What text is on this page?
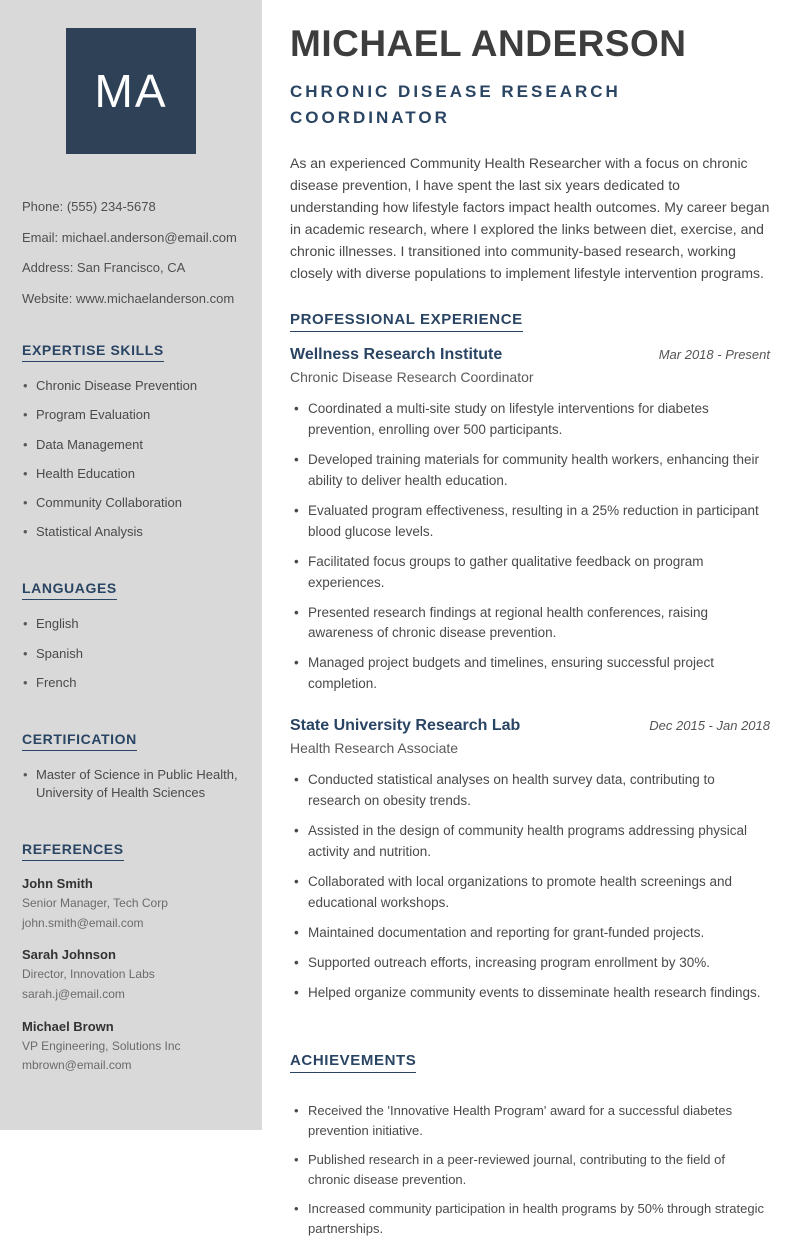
MA
Phone: (555) 234-5678
Email: michael.anderson@email.com
Address: San Francisco, CA
Website: www.michaelanderson.com
EXPERTISE SKILLS
• Chronic Disease Prevention
• Program Evaluation
• Data Management
• Health Education
• Community Collaboration
• Statistical Analysis
LANGUAGES
• English
• Spanish
• French
CERTIFICATION
• Master of Science in Public Health, University of Health Sciences
REFERENCES
John Smith
Senior Manager, Tech Corp
john.smith@email.com
Sarah Johnson
Director, Innovation Labs
sarah.j@email.com
Michael Brown
VP Engineering, Solutions Inc
mbrown@email.com
MICHAEL ANDERSON
CHRONIC DISEASE RESEARCH COORDINATOR

As an experienced Community Health Researcher with a focus on chronic disease prevention, I have spent the last six years dedicated to understanding how lifestyle factors impact health outcomes. My career began in academic research, where I explored the links between diet, exercise, and chronic illnesses. I transitioned into community-based research, working closely with diverse populations to implement lifestyle intervention programs.

PROFESSIONAL EXPERIENCE
Wellness Research Institute	Mar 2018 - Present
Chronic Disease Research Coordinator
• Coordinated a multi-site study on lifestyle interventions for diabetes prevention, enrolling over 500 participants.
• Developed training materials for community health workers, enhancing their ability to deliver health education.
• Evaluated program effectiveness, resulting in a 25% reduction in participant blood glucose levels.
• Facilitated focus groups to gather qualitative feedback on program experiences.
• Presented research findings at regional health conferences, raising awareness of chronic disease prevention.
• Managed project budgets and timelines, ensuring successful project completion.
State University Research Lab	Dec 2015 - Jan 2018
Health Research Associate
• Conducted statistical analyses on health survey data, contributing to research on obesity trends.
• Assisted in the design of community health programs addressing physical activity and nutrition.
• Collaborated with local organizations to promote health screenings and educational workshops.
• Maintained documentation and reporting for grant-funded projects.
• Supported outreach efforts, increasing program enrollment by 30%.
• Helped organize community events to disseminate health research findings.
ACHIEVEMENTS
• Received the 'Innovative Health Program' award for a successful diabetes prevention initiative.
• Published research in a peer-reviewed journal, contributing to the field of chronic disease prevention.
• Increased community participation in health programs by 50% through strategic partnerships.
